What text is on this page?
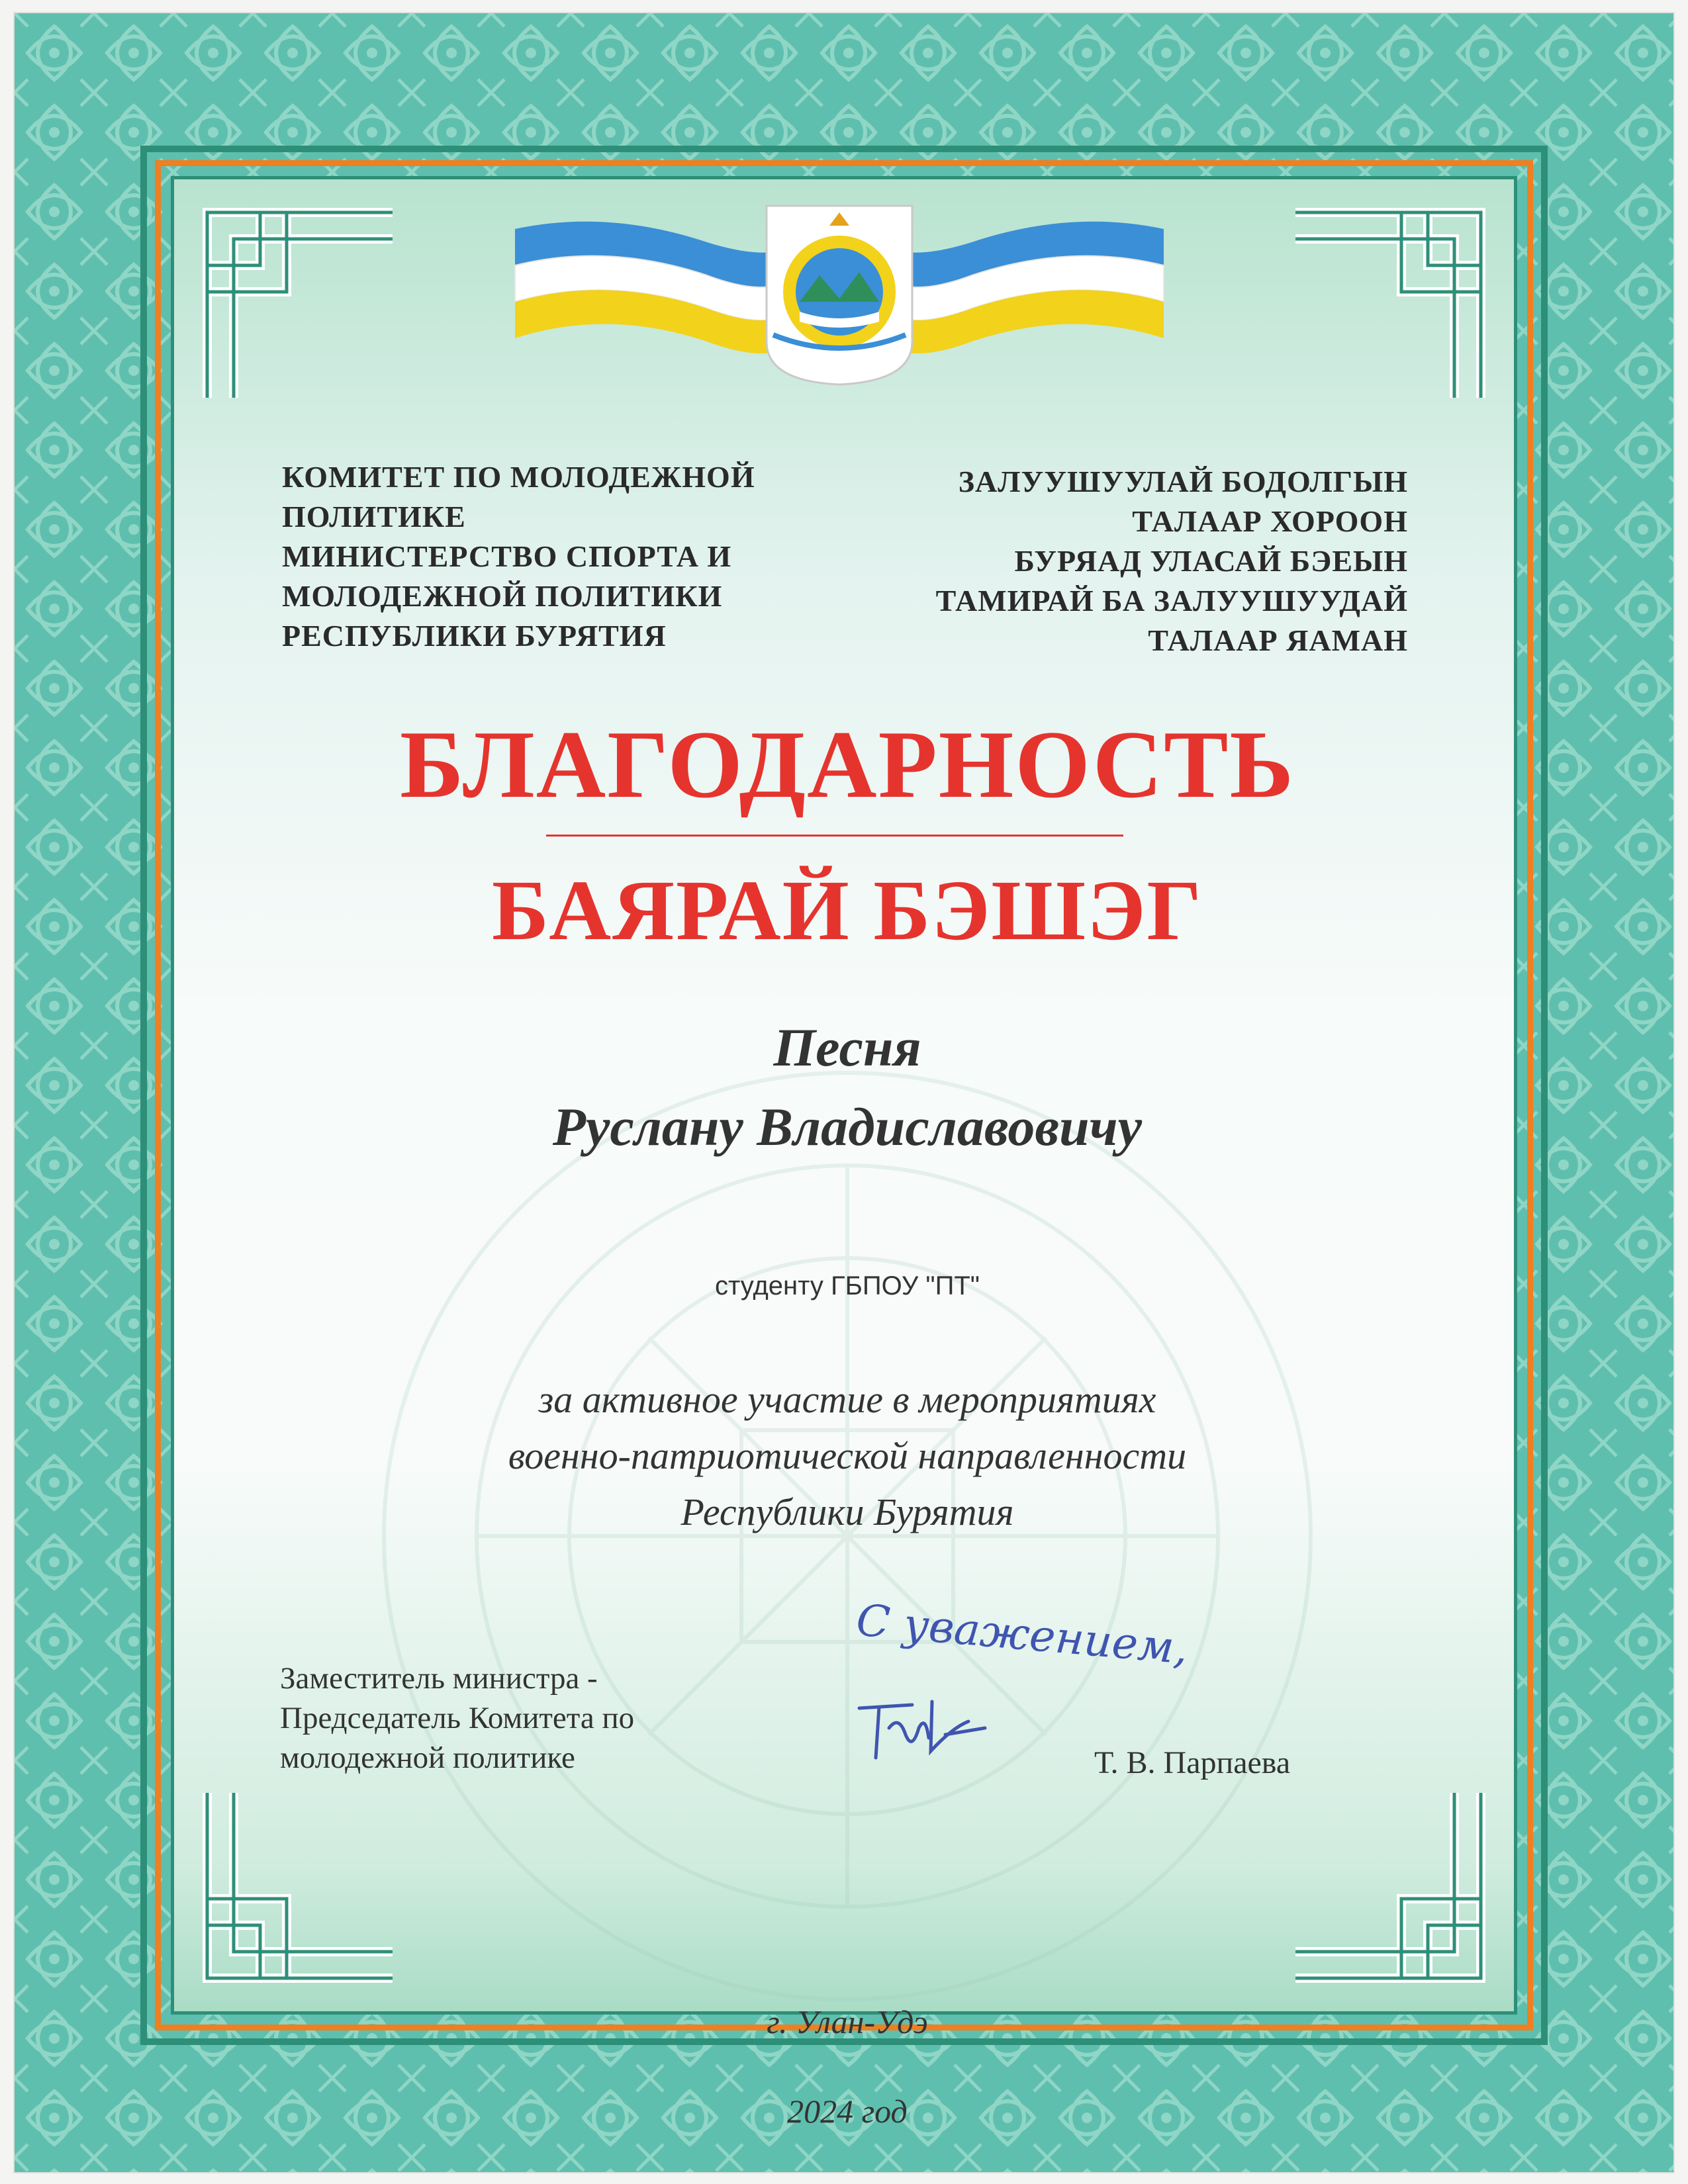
КОМИТЕТ ПО МОЛОДЕЖНОЙ
ПОЛИТИКЕ
МИНИСТЕРСТВО СПОРТА И
МОЛОДЕЖНОЙ ПОЛИТИКИ
РЕСПУБЛИКИ БУРЯТИЯ
ЗАЛУУШУУЛАЙ БОДОЛГЫН
ТАЛААР ХОРООН
БУРЯАД УЛАСАЙ БЭЕЫН
ТАМИРАЙ БА ЗАЛУУШУУДАЙ
ТАЛААР ЯАМАН
БЛАГОДАРНОСТЬ
БАЯРАЙ БЭШЭГ
Песня
Руслану Владиславовичу
студенту ГБПОУ "ПТ"
за активное участие в мероприятиях
военно-патриотической направленности
Республики Бурятия
С уважением,
Заместитель министра -
Председатель Комитета по
молодежной политике	Т. В. Парпаева
г. Улан-Удэ
2024 год
